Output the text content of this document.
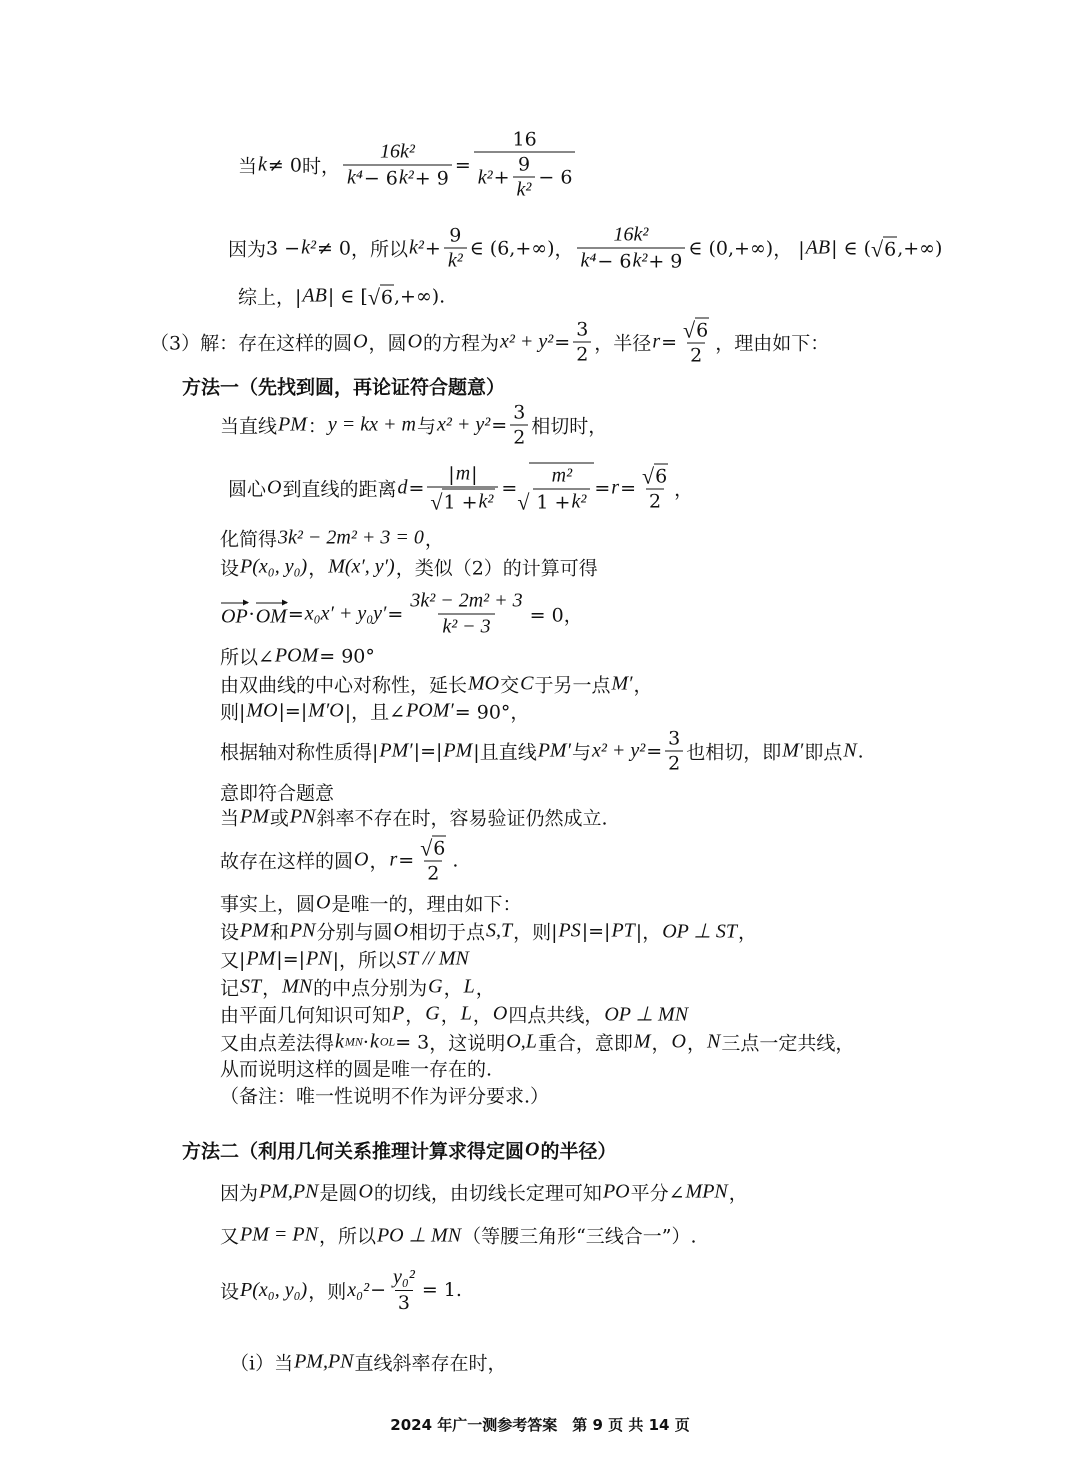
当 k ≠ 0 时， $\frac{\text{16k²}}{\text{k⁴ − 6 k² + 9}} = \frac{16}{k^2 + \frac{9}{\text{k²}} - 6}$
因为 3 − k² ≠ 0 ，所以 $k^2 + \frac{9}{\text{k²}}$ ∈ (6,+∞) ， $\frac{\text{16k²}}{\text{k⁴ − 6 k² + 9}}$ ∈ (0,+∞) ， | AB | ∈ ( √ 6 ,+∞)
综上，| AB | ∈ [ √ 6 ,+∞).
（3）解：存在这样的圆 O ，圆 O 的方程为 $x^2 + y^2 = \frac{3}{2}$ ，半径 $r = \frac{√ 6}{2}$ ，理由如下：
方法一（先找到圆，再论证符合题意）
当直线 PM ： y = kx + m 与 $x^2 + y^2 = \frac{3}{2}$ 相切时，
圆心 O 到直线的距离 $d = \frac{| m |}{\text{√ 1 + k²}}$ =
√ $\frac{\text{m²}}{\text{1 + k²}} = r = \frac{√ 6}{2}$ ，
化简得 3k² − 2m² + 3 = 0 ，
设 P(x₀, y₀) ， M(x′, y′) ，类似（2）的计算可得
OP · OM = $x_0x' + y_0y' = \frac{\text{3k² − 2m² + 3}}{\text{k² − 3}} = 0$，
所以∠ POM = 90°
由双曲线的中心对称性，延长 MO 交 C 于另一点 M′ ，
则| MO |=| M′O |，且∠ POM′ = 90°，
根据轴对称性质得| PM′ |=| PM |且直线 PM′ 与 $x^2 + y^2 = \frac{3}{2}$ 也相切，即 M′ 即点 N .
意即符合题意
当 PM 或 PN 斜率不存在时，容易验证仍然成立.
故存在这样的圆 O ， $r = \frac{√ 6}{2}$ .
事实上，圆 O 是唯一的，理由如下：
设 PM 和 PN 分别与圆 O 相切于点 S,T ，则| PS |=| PT |， OP ⊥ ST ，
又| PM |=| PN |，所以 ST // MN
记 ST ， MN 的中点分别为 G ， L ，
由平面几何知识可知 P ， G ， L ， O 四点共线， OP ⊥ MN
又由点差法得 k MN · k OL = 3 ，这说明 O,L 重合，意即 M ， O ， N 三点一定共线，
从而说明这样的圆是唯一存在的.
（备注：唯一性说明不作为评分要求.）
方法二（利用几何关系推理计算求得定圆 O 的半径）
因为 PM,PN 是圆 O 的切线，由切线长定理可知 PO 平分∠ MPN ，
又 PM = PN ，所以 PO ⊥ MN （等腰三角形“三线合一”）.
设 P(x₀, y₀) ，则 $x_0^2 - \frac{\text{y₀²}}{3} = 1$.
（i）当 PM,PN 直线斜率存在时，
2024 年广一测参考答案　第 9 页 共 14 页
